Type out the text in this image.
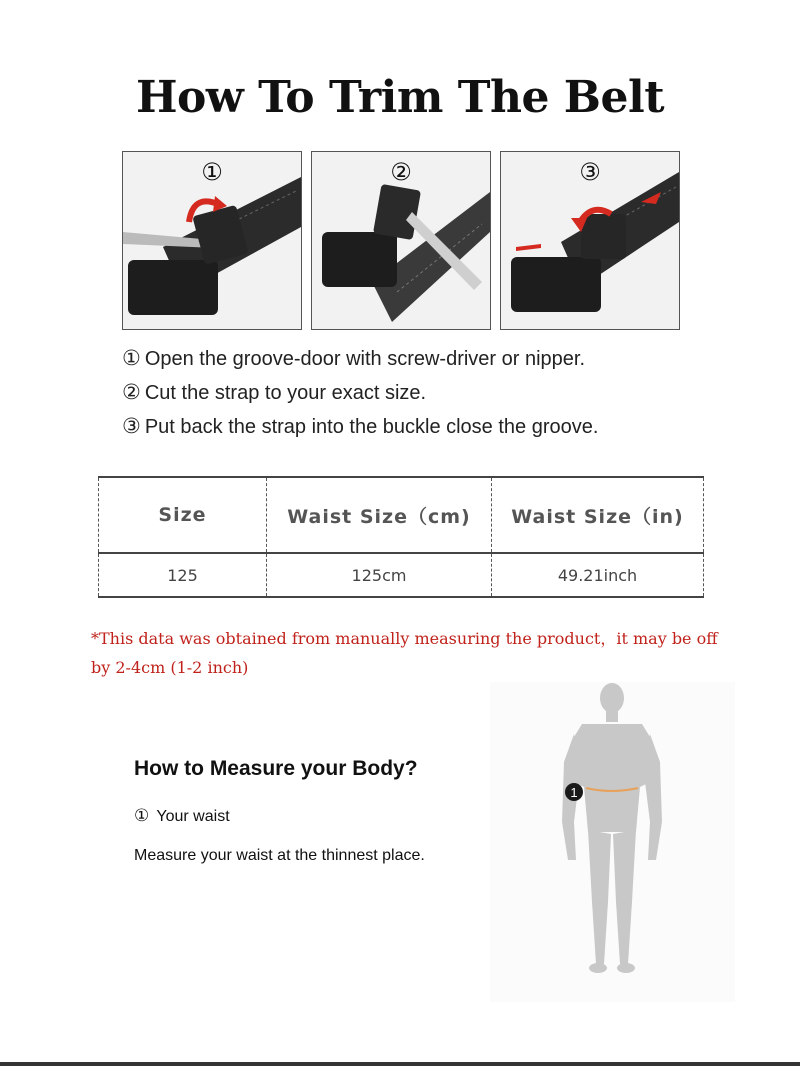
How To Trim The Belt
①	②	③
① Open the groove-door with screw-driver or nipper.
② Cut the strap to your exact size.
③ Put back the strap into the buckle close the groove.
Size	Waist Size（cm)	Waist Size（in)
125	125cm	49.21inch
*This data was obtained from manually measuring the product，it may be off by 2-4cm (1-2 inch)
How to Measure your Body?
① Your waist
Measure your waist at the thinnest place.
1
